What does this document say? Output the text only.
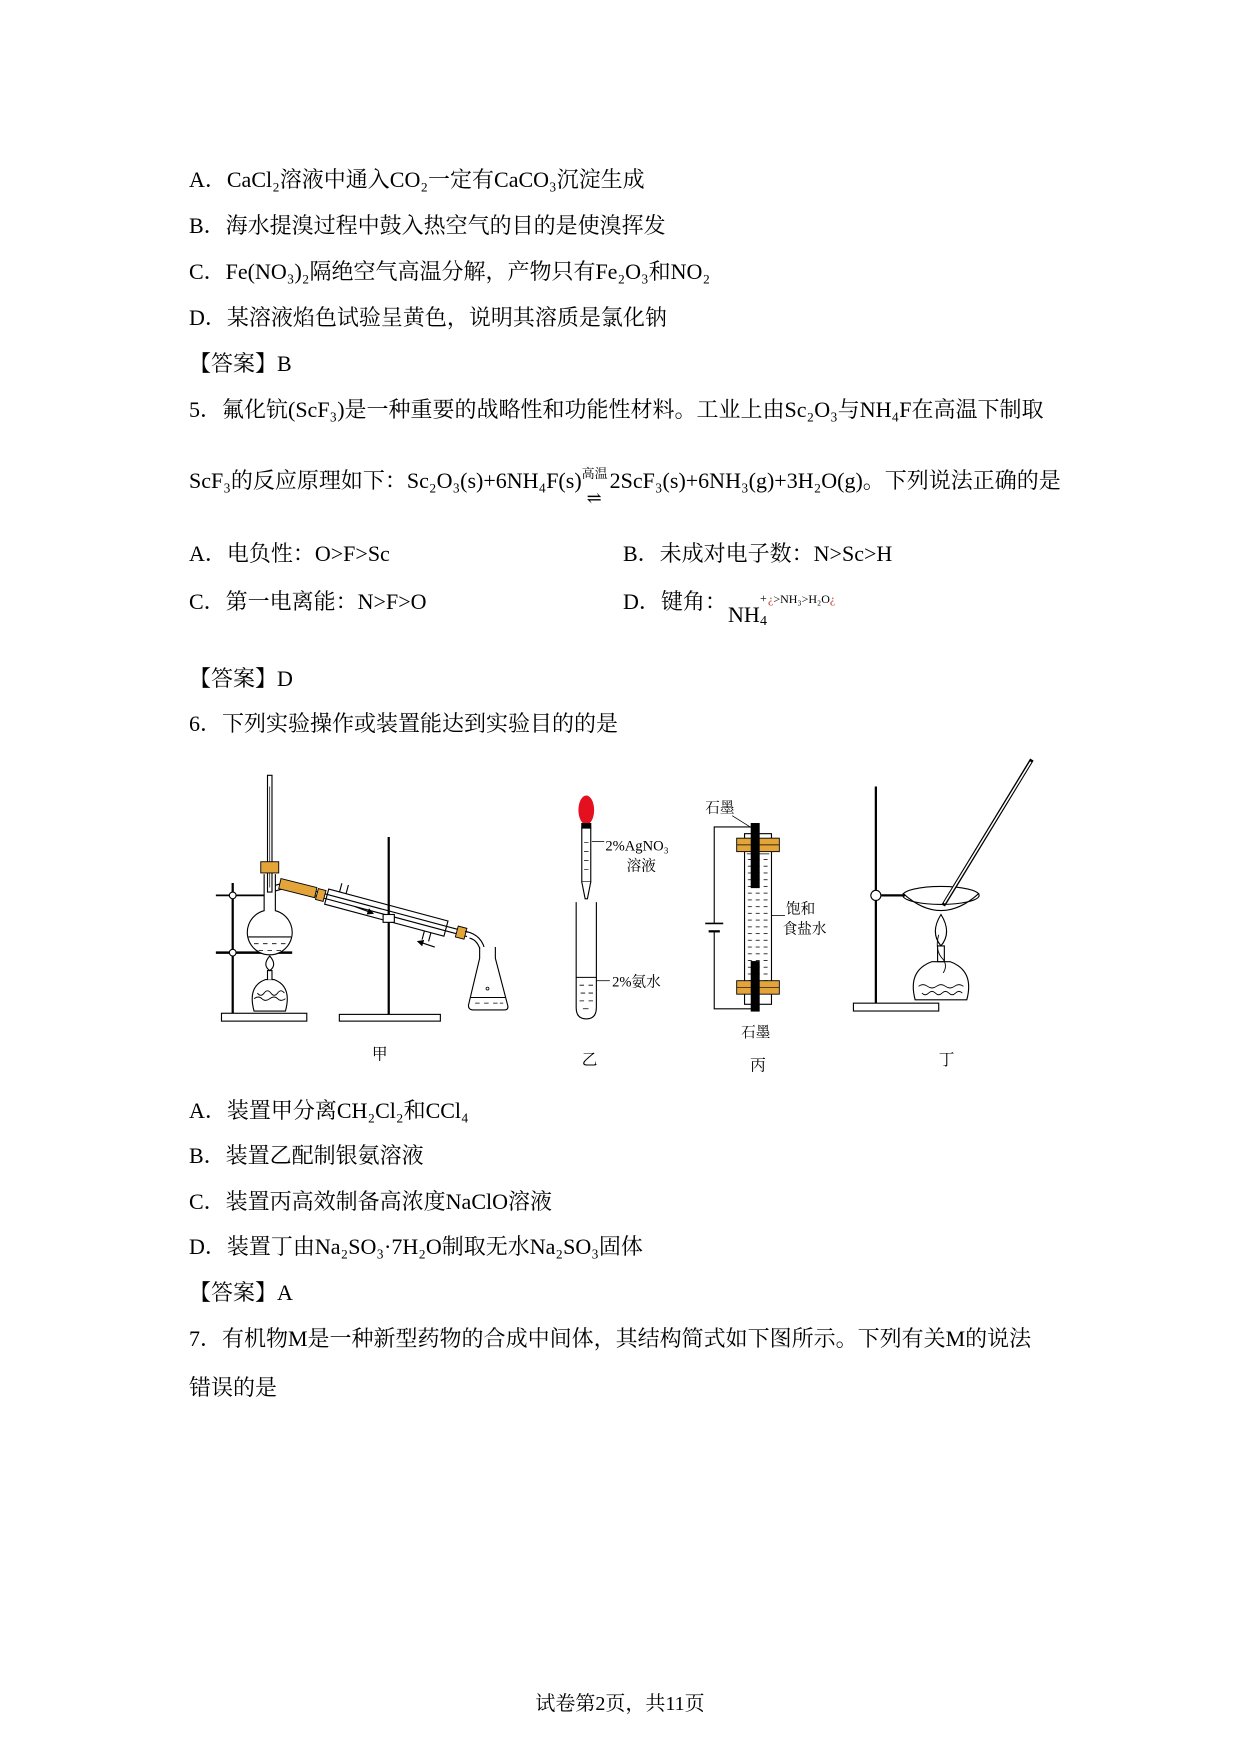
A．CaCl₂溶液中通入CO₂一定有CaCO₃沉淀生成
B．海水提溴过程中鼓入热空气的目的是使溴挥发
C．Fe(NO₃)₂隔绝空气高温分解，产物只有Fe₂O₃和NO₂
D．某溶液焰色试验呈黄色，说明其溶质是氯化钠
【答案】B
5．氟化钪(ScF₃)是一种重要的战略性和功能性材料。工业上由Sc₂O₃与NH₄F在高温下制取
ScF₃的反应原理如下：Sc₂O₃(s)+6NH₄F(s) 高温
⇌
2ScF₃(s)+6NH₃(g)+3H₂O(g)。下列说法正确的是
A．电负性：O>F>Sc	B．未成对电子数：N>Sc>H
C．第一电离能：N>F>O	D．键角：
NH 4
+ ¿>NH₃>H₂O¿
【答案】D
6．下列实验操作或装置能达到实验目的的是
甲
2%AgNO₃
溶液
2%氨水
乙
石墨
饱和
食盐水
石墨
丙	丁
A．装置甲分离CH₂Cl₂和CCl₄
B．装置乙配制银氨溶液
C．装置丙高效制备高浓度NaClO溶液
D．装置丁由Na₂SO₃·7H₂O制取无水Na₂SO₃固体
【答案】A
7．有机物M是一种新型药物的合成中间体，其结构简式如下图所示。下列有关M的说法
错误的是
试卷第2页，共11页
